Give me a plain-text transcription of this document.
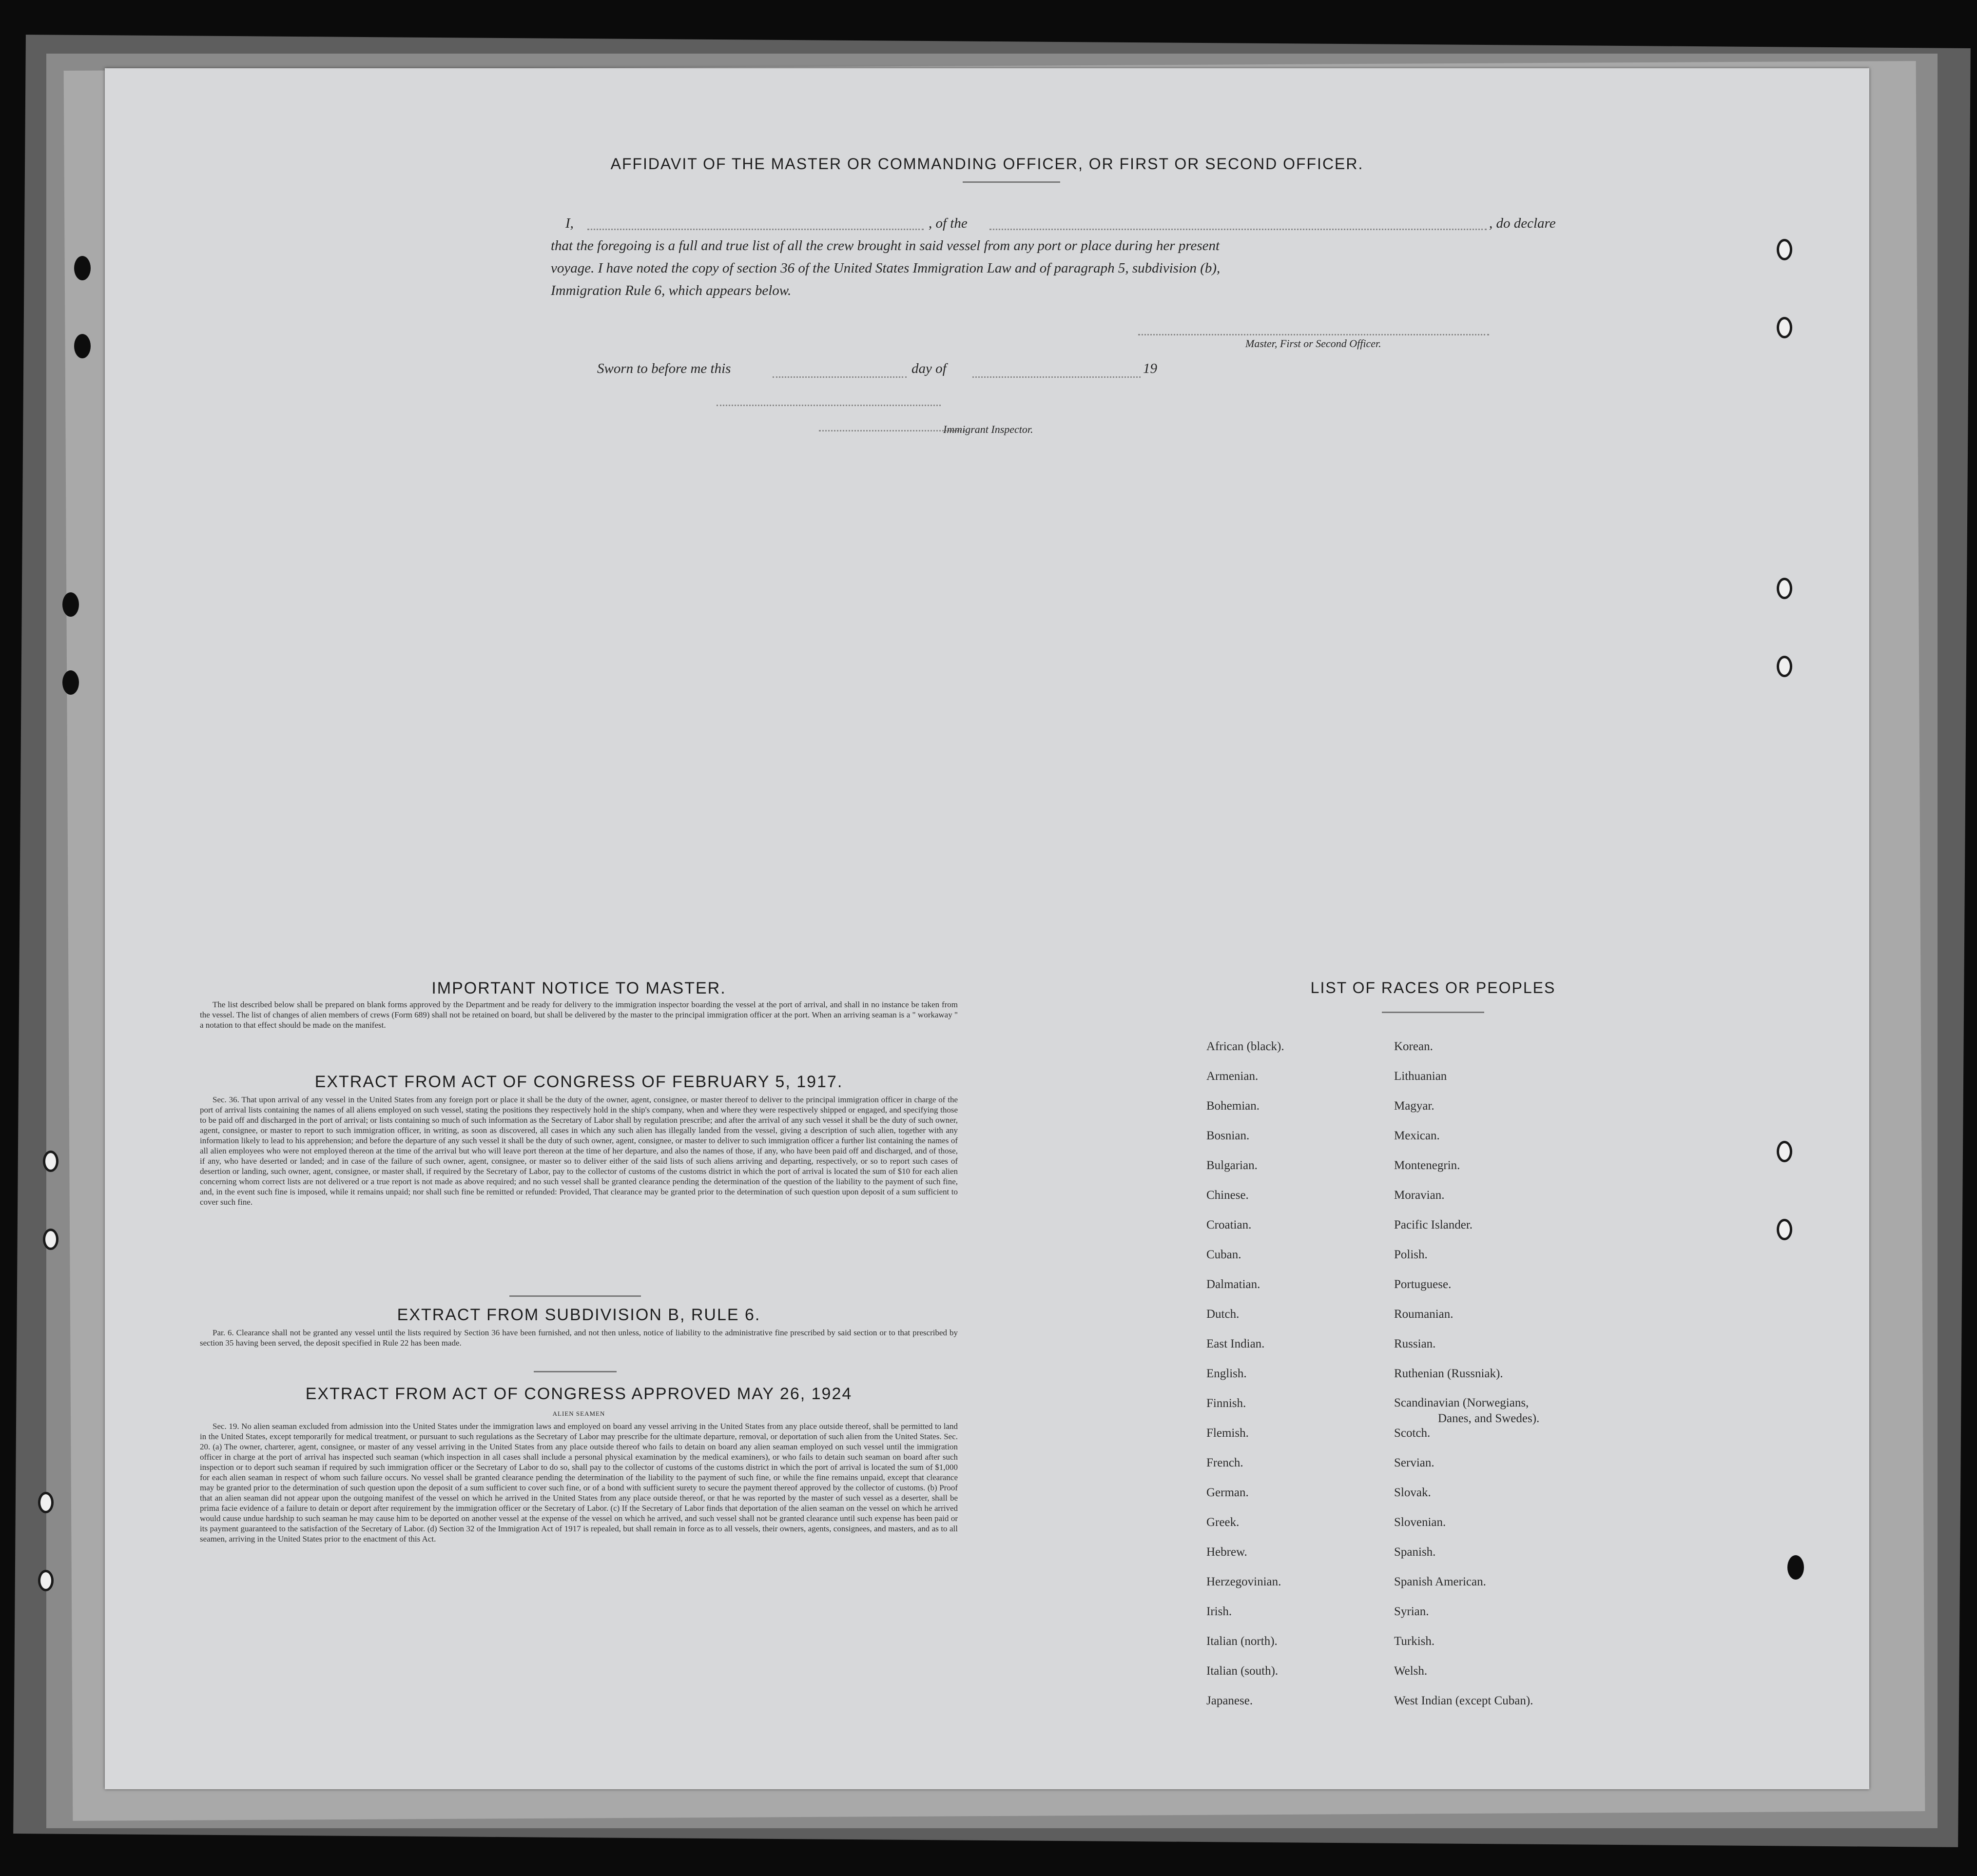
AFFIDAVIT OF THE MASTER OR COMMANDING OFFICER, OR FIRST OR SECOND OFFICER.
I,	, of the	, do declare
that the foregoing is a full and true list of all the crew brought in said vessel from any port or place during her present
voyage. I have noted the copy of section 36 of the United States Immigration Law and of paragraph 5, subdivision (b),
Immigration Rule 6, which appears below.
Master, First or Second Officer.
Sworn to before me this	day of	19
Immigrant Inspector.
IMPORTANT NOTICE TO MASTER.
The list described below shall be prepared on blank forms approved by the Department and be ready for delivery to the immigration inspector boarding the vessel at the port of arrival, and shall in no instance be taken from the vessel. The list of changes of alien members of crews (Form 689) shall not be retained on board, but shall be delivered by the master to the principal immigration officer at the port. When an arriving seaman is a " workaway " a notation to that effect should be made on the manifest.
EXTRACT FROM ACT OF CONGRESS OF FEBRUARY 5, 1917.
Sec. 36. That upon arrival of any vessel in the United States from any foreign port or place it shall be the duty of the owner, agent, consignee, or master thereof to deliver to the principal immigration officer in charge of the port of arrival lists containing the names of all aliens employed on such vessel, stating the positions they respectively hold in the ship's company, when and where they were respectively shipped or engaged, and specifying those to be paid off and discharged in the port of arrival; or lists containing so much of such information as the Secretary of Labor shall by regulation prescribe; and after the arrival of any such vessel it shall be the duty of such owner, agent, consignee, or master to report to such immigration officer, in writing, as soon as discovered, all cases in which any such alien has illegally landed from the vessel, giving a description of such alien, together with any information likely to lead to his apprehension; and before the departure of any such vessel it shall be the duty of such owner, agent, consignee, or master to deliver to such immigration officer a further list containing the names of all alien employees who were not employed thereon at the time of the arrival but who will leave port thereon at the time of her departure, and also the names of those, if any, who have been paid off and discharged, and of those, if any, who have deserted or landed; and in case of the failure of such owner, agent, consignee, or master so to deliver either of the said lists of such aliens arriving and departing, respectively, or so to report such cases of desertion or landing, such owner, agent, consignee, or master shall, if required by the Secretary of Labor, pay to the collector of customs of the customs district in which the port of arrival is located the sum of $10 for each alien concerning whom correct lists are not delivered or a true report is not made as above required; and no such vessel shall be granted clearance pending the determination of the question of the liability to the payment of such fine, and, in the event such fine is imposed, while it remains unpaid; nor shall such fine be remitted or refunded: Provided, That clearance may be granted prior to the determination of such question upon deposit of a sum sufficient to cover such fine.
EXTRACT FROM SUBDIVISION B, RULE 6.
Par. 6. Clearance shall not be granted any vessel until the lists required by Section 36 have been furnished, and not then unless, notice of liability to the administrative fine prescribed by said section or to that prescribed by section 35 having been served, the deposit specified in Rule 22 has been made.
EXTRACT FROM ACT OF CONGRESS APPROVED MAY 26, 1924
ALIEN SEAMEN
Sec. 19. No alien seaman excluded from admission into the United States under the immigration laws and employed on board any vessel arriving in the United States from any place outside thereof, shall be permitted to land in the United States, except temporarily for medical treatment, or pursuant to such regulations as the Secretary of Labor may prescribe for the ultimate departure, removal, or deportation of such alien from the United States. Sec. 20. (a) The owner, charterer, agent, consignee, or master of any vessel arriving in the United States from any place outside thereof who fails to detain on board any alien seaman employed on such vessel until the immigration officer in charge at the port of arrival has inspected such seaman (which inspection in all cases shall include a personal physical examination by the medical examiners), or who fails to detain such seaman on board after such inspection or to deport such seaman if required by such immigration officer or the Secretary of Labor to do so, shall pay to the collector of customs of the customs district in which the port of arrival is located the sum of $1,000 for each alien seaman in respect of whom such failure occurs. No vessel shall be granted clearance pending the determination of the liability to the payment of such fine, or while the fine remains unpaid, except that clearance may be granted prior to the determination of such question upon the deposit of a sum sufficient to cover such fine, or of a bond with sufficient surety to secure the payment thereof approved by the collector of customs. (b) Proof that an alien seaman did not appear upon the outgoing manifest of the vessel on which he arrived in the United States from any place outside thereof, or that he was reported by the master of such vessel as a deserter, shall be prima facie evidence of a failure to detain or deport after requirement by the immigration officer or the Secretary of Labor. (c) If the Secretary of Labor finds that deportation of the alien seaman on the vessel on which he arrived would cause undue hardship to such seaman he may cause him to be deported on another vessel at the expense of the vessel on which he arrived, and such vessel shall not be granted clearance until such expense has been paid or its payment guaranteed to the satisfaction of the Secretary of Labor. (d) Section 32 of the Immigration Act of 1917 is repealed, but shall remain in force as to all vessels, their owners, agents, consignees, and masters, and as to all seamen, arriving in the United States prior to the enactment of this Act.
LIST OF RACES OR PEOPLES
African (black).
Armenian.
Bohemian.
Bosnian.
Bulgarian.
Chinese.
Croatian.
Cuban.
Dalmatian.
Dutch.
East Indian.
English.
Finnish.
Flemish.
French.
German.
Greek.
Hebrew.
Herzegovinian.
Irish.
Italian (north).
Italian (south).
Japanese.
Korean.
Lithuanian
Magyar.
Mexican.
Montenegrin.
Moravian.
Pacific Islander.
Polish.
Portuguese.
Roumanian.
Russian.
Ruthenian (Russniak).
Scandinavian (Norwegians,
Danes, and Swedes).
Scotch.
Servian.
Slovak.
Slovenian.
Spanish.
Spanish American.
Syrian.
Turkish.
Welsh.
West Indian (except Cuban).
